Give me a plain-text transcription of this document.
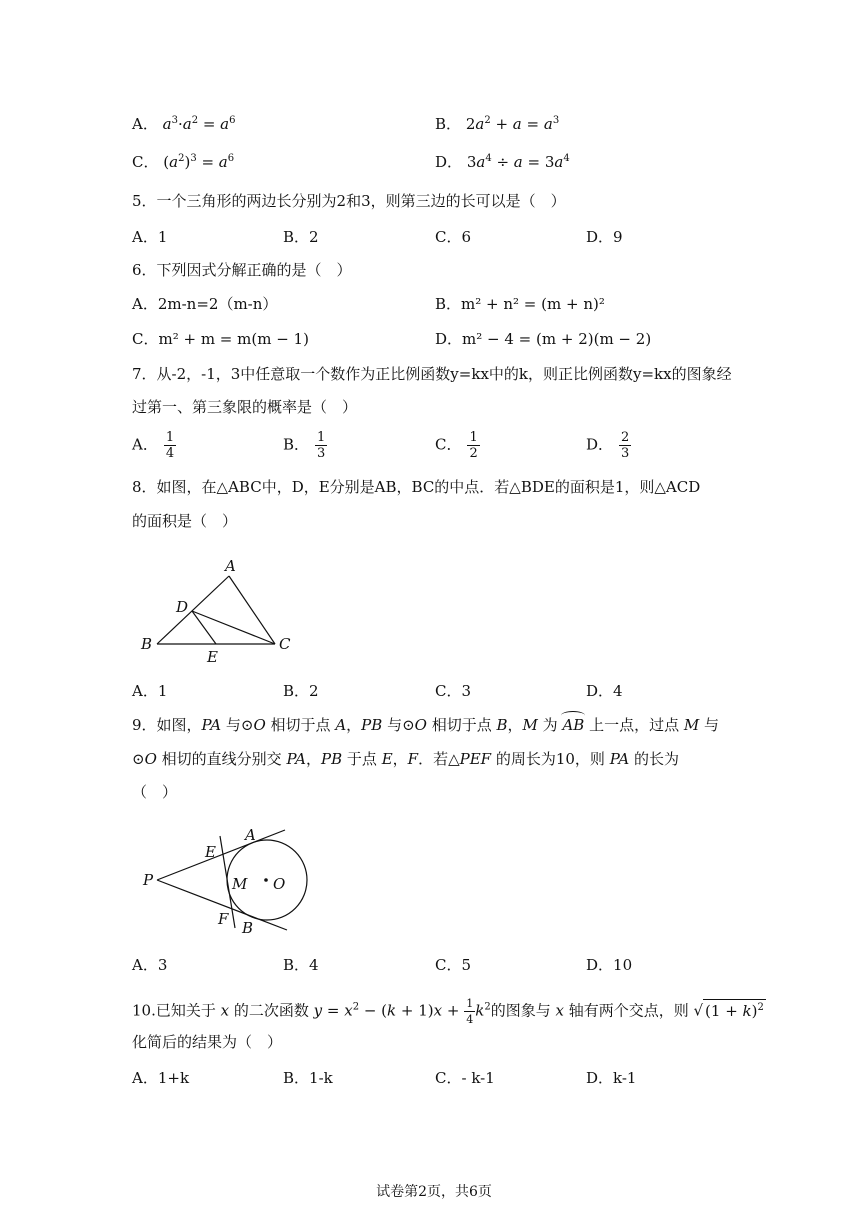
A． $a^3\cdot a^2 = a^6$	B． $2a^2 + a = a^3$
C． $(a^2)^3 = a^6$	D． $3a^4 \div a = 3a^4$
5．一个三角形的两边长分别为2和3，则第三边的长可以是（　）
A．1	B．2	C．6	D．9
6．下列因式分解正确的是（　）
A．2m-n=2（m-n）	B．m² + n² = (m + n)²
C．m² + m = m(m − 1)	D．m² − 4 = (m + 2)(m − 2)
7．从-2，-1，3中任意取一个数作为正比例函数y=kx中的k，则正比例函数y=kx的图象经
过第一、第三象限的概率是（　）
A． $\frac{1}{4}$	B． $\frac{1}{3}$	C． $\frac{1}{2}$	D． $\frac{2}{3}$
8．如图，在△ABC中，D，E分别是AB，BC的中点．若△BDE的面积是1，则△ACD
的面积是（　）
A
B	C
D
E
A．1	B．2	C．3	D．4
9．如图，PA 与⊙O 相切于点 A，PB 与⊙O 相切于点 B，M 为 AB 上一点，过点 M 与
⊙O 相切的直线分别交 PA，PB 于点 E，F．若△PEF 的周长为10，则 PA 的长为
（　）
P
A
E
M O
F B
A．3	B．4	C．5	D．10
10.已知关于 x 的二次函数 $y = x^2 - (k + 1)x + \frac{1}{4} k^2$的图象与 x 轴有两个交点，则 √ $(1 + k)^2$
化简后的结果为（　）
A．1+k	B．1-k	C．- k-1	D．k-1
试卷第2页，共6页
